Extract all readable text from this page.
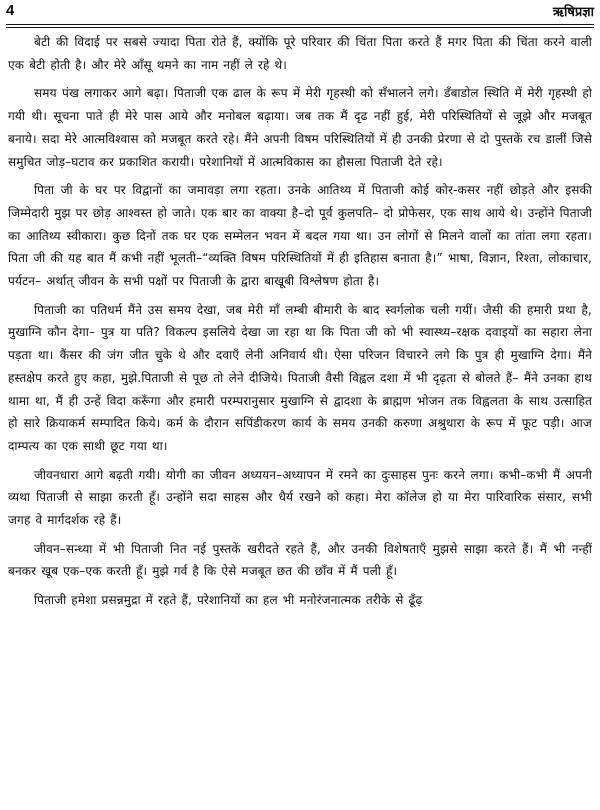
4	ऋषिप्रज्ञा

बेटी की विदाई पर सबसे ज्यादा पिता रोते हैं, क्योंकि पूरे परिवार की चिंता पिता करते हैं मगर पिता की चिंता करने वाली एक बेटी होती है। और मेरे आँसू थमने का नाम नहीं ले रहे थे।

समय पंख लगाकर आगे बढ़ा। पिताजी एक ढाल के रूप में मेरी गृहस्थी को सँभालने लगे। डँबाडोल स्थिति में मेरी गृहस्थी हो गयी थी। सूचना पाते ही मेरे पास आये और मनोबल बढ़ाया। जब तक मैं दृढ नहीं हुई, मेरी परिस्थितियों से जूझे और मजबूत बनाये। सदा मेरे आत्मविश्वास को मजबूत करते रहे। मैंने अपनी विषम परिस्थितियों में ही उनकी प्रेरणा से दो पुस्तकें रच डालीं जिसे समुचित जोड़–घटाव कर प्रकाशित करायी। परेशानियों में आत्मविकास का हौसला पिताजी देते रहे।

पिता जी के घर पर विद्वानों का जमावड़ा लगा रहता। उनके आतिथ्य में पिताजी कोई कोर-कसर नहीं छोड़ते और इसकी जिम्मेदारी मुझ पर छोड़ आश्वस्त हो जाते। एक बार का वाक्या है–दो पूर्व कुलपति– दो प्रोफेसर, एक साथ आये थे। उन्होंने पिताजी का आतिथ्य स्वीकारा। कुछ दिनों तक घर एक सम्मेलन भवन में बदल गया था। उन लोगों से मिलने वालों का तांता लगा रहता। पिता जी की यह बात मैं कभी नहीं भूलती–“व्यक्ति विषम परिस्थितियों में ही इतिहास बनाता है।” भाषा, विज्ञान, रिश्ता, लोकाचार, पर्यटन– अर्थात् जीवन के सभी पक्षों पर पिताजी के द्वारा बाखूबी विश्लेषण होता है।

पिताजी का पतिधर्म मैंने उस समय देखा, जब मेरी माँ लम्बी बीमारी के बाद स्वर्गलोक चली गयीं। जैसी की हमारी प्रथा है, मुखाग्नि कौन देगा– पुत्र या पति? विकल्प इसलिये देखा जा रहा था कि पिता जी को भी स्वास्थ्य–रक्षक दवाइयों का सहारा लेना पड़ता था। कैंसर की जंग जीत चुके थे और दवाएँ लेनी अनिवार्य थी। ऐसा परिजन विचारने लगे कि पुत्र ही मुखाग्नि देगा। मैंने हस्तक्षेप करते हुए कहा, मुझे.पिताजी से पूछ तो लेने दीजिये। पिताजी वैसी विह्वल दशा में भी दृढ़ता से बोलते हैं– मैंने उनका हाथ थामा था, मैं ही उन्हें विदा करूँगा और हमारी परम्परानुसार मुखाग्नि से द्वादशा के ब्राह्मण भोजन तक विह्वलता के साथ उत्साहित हो सारे क्रियाकर्म सम्पादित किये। कर्म के दौरान सपिंडीकरण कार्य के समय उनकी करुणा अश्रुधारा के रूप में फूट पड़ी। आज दाम्पत्य का एक साथी छूट गया था।

जीवनधारा आगे बढ़ती गयी। योगी का जीवन अध्ययन–अध्यापन में रमने का दुःसाहस पुनः करने लगा। कभी–कभी मैं अपनी व्यथा पिताजी से साझा करती हूँ। उन्होंने सदा साहस और धैर्य रखने को कहा। मेरा कॉलेज हो या मेरा पारिवारिक संसार, सभी जगह वे मार्गदर्शक रहे हैं।

जीवन–सन्ध्या में भी पिताजी नित नई पुस्तकें खरीदते रहते हैं, और उनकी विशेषताएँ मुझसे साझा करते हैं। मैं भी नन्हीं बनकर खूब एक–एक करती हूँ। मुझे गर्व है कि ऐसे मजबूत छत की छाँव में मैं पली हूँ।

पिताजी हमेशा प्रसन्नमुद्रा में रहते हैं, परेशानियों का हल भी मनोरंजनात्मक तरीके से ढूँढ़
